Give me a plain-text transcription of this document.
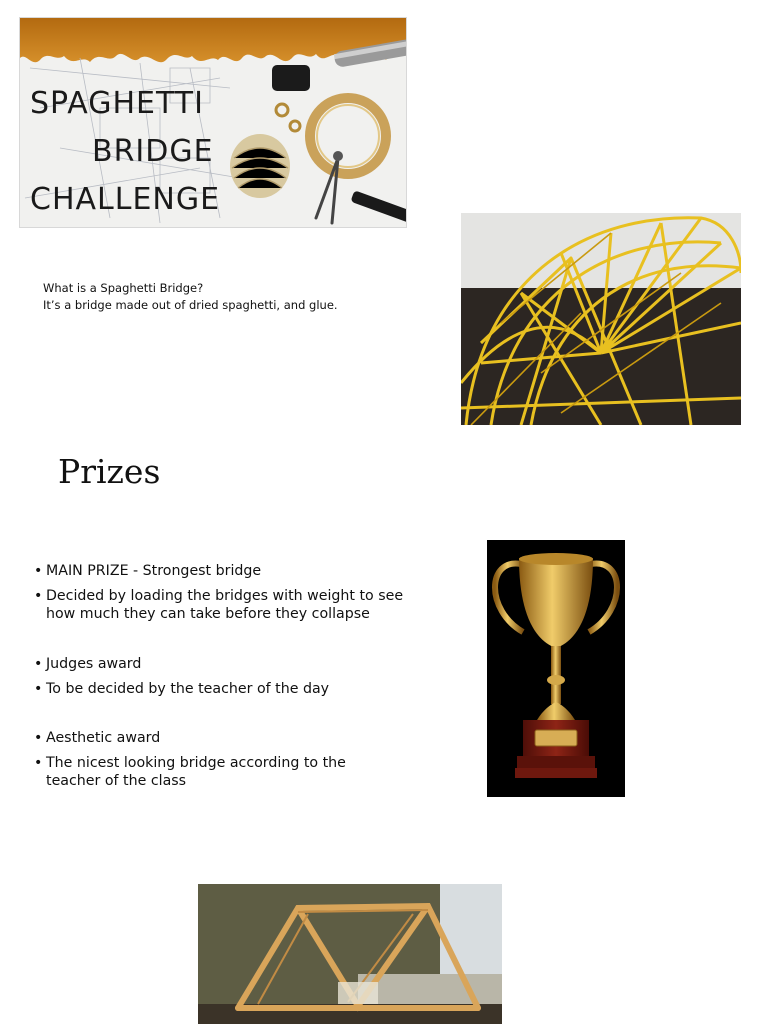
SPAGHETTI
BRIDGE
CHALLENGE
What is a Spaghetti Bridge?
It’s a bridge made out of dried spaghetti, and glue.
Prizes
• MAIN PRIZE - Strongest bridge
• Decided by loading the bridges with weight to see how much they can take before they collapse
• Judges award
• To be decided by the teacher of the day
• Aesthetic award
• The nicest looking bridge according to the teacher of the class
